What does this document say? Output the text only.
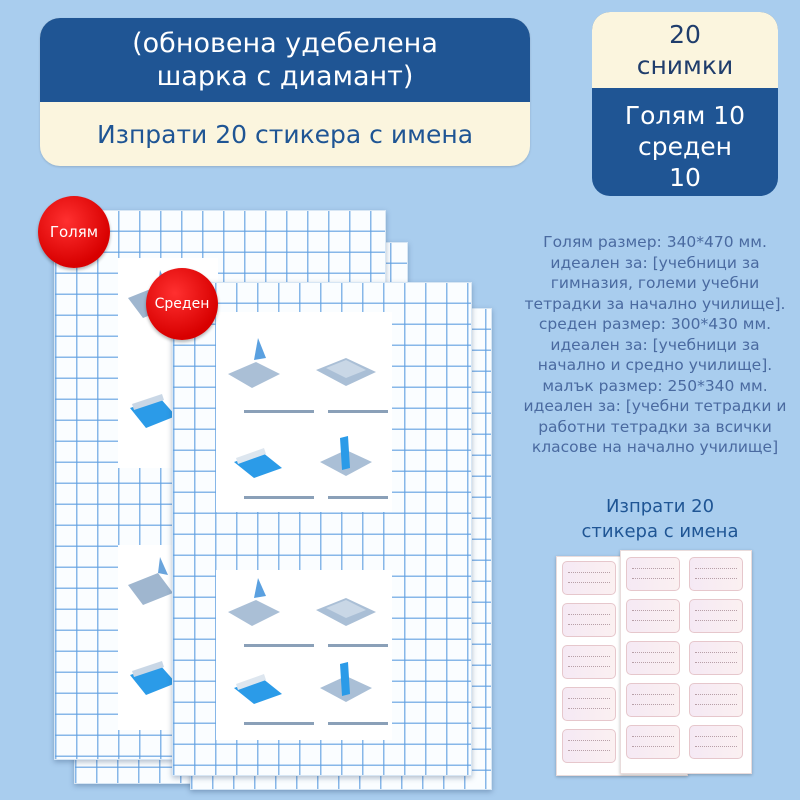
(обновена удебелена
шарка с диамант)
Изпрати 20 стикера с имена
20
снимки
Голям 10
среден
10
Голям размер: 340*470 мм.
идеален за: [учебници за
гимназия, големи учебни
тетрадки за начално училище].
среден размер: 300*430 мм.
идеален за: [учебници за
начално и средно училище].
малък размер: 250*340 мм.
идеален за: [учебни тетрадки и
работни тетрадки за всички
класове на начално училище]
Голям
Среден
Изпрати 20
стикера с имена
